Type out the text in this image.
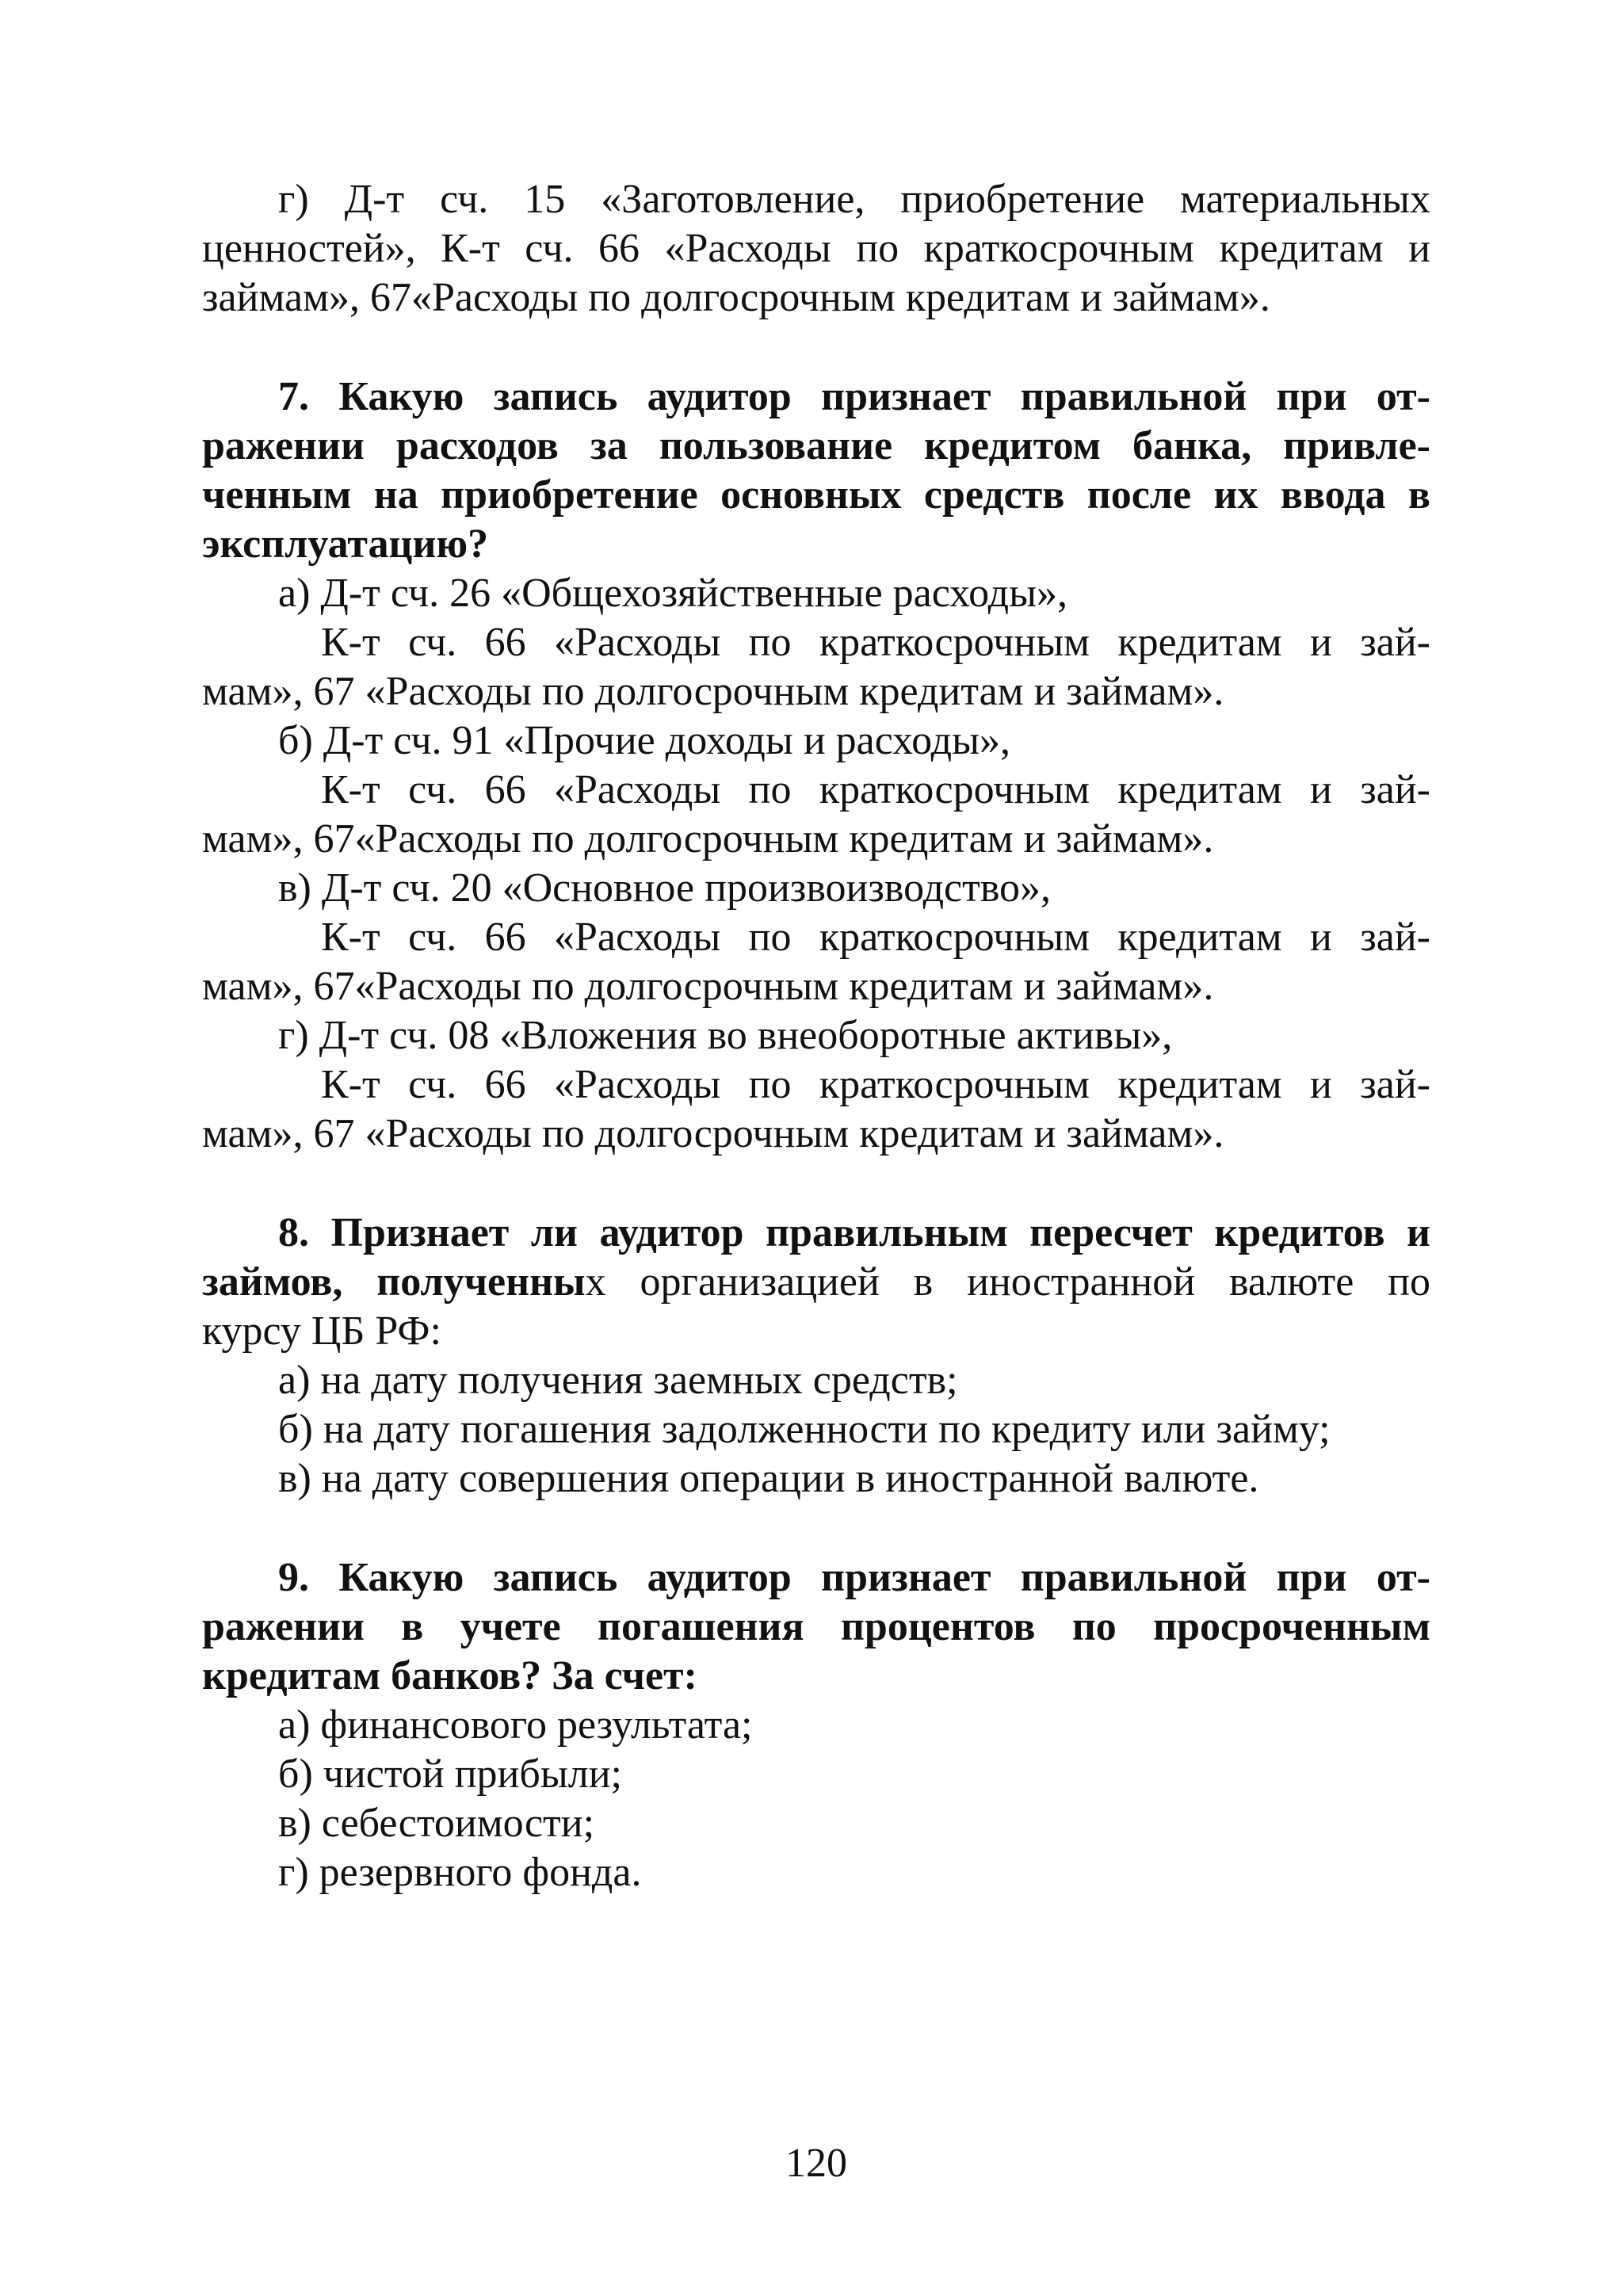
г) Д-т сч. 15 «Заготовление, приобретение материальных
ценностей», К-т сч. 66 «Расходы по краткосрочным кредитам и
займам», 67«Расходы по долгосрочным кредитам и займам».
7. Какую запись аудитор признает правильной при от-
ражении расходов за пользование кредитом банка, привле-
ченным на приобретение основных средств после их ввода в
эксплуатацию?
а) Д-т сч. 26 «Общехозяйственные расходы»,
К-т сч. 66 «Расходы по краткосрочным кредитам и зай-
мам», 67 «Расходы по долгосрочным кредитам и займам».
б) Д-т сч. 91 «Прочие доходы и расходы»,
К-т сч. 66 «Расходы по краткосрочным кредитам и зай-
мам», 67«Расходы по долгосрочным кредитам и займам».
в) Д-т сч. 20 «Основное произвоизводство»,
К-т сч. 66 «Расходы по краткосрочным кредитам и зай-
мам», 67«Расходы по долгосрочным кредитам и займам».
г) Д-т сч. 08 «Вложения во внеоборотные активы»,
К-т сч. 66 «Расходы по краткосрочным кредитам и зай-
мам», 67 «Расходы по долгосрочным кредитам и займам».
8. Признает ли аудитор правильным пересчет кредитов и
займов, полученных организацией в иностранной валюте по
курсу ЦБ РФ:
а) на дату получения заемных средств;
б) на дату погашения задолженности по кредиту или займу;
в) на дату совершения операции в иностранной валюте.
9. Какую запись аудитор признает правильной при от-
ражении в учете погашения процентов по просроченным
кредитам банков? За счет:
а) финансового результата;
б) чистой прибыли;
в) себестоимости;
г) резервного фонда.
120
